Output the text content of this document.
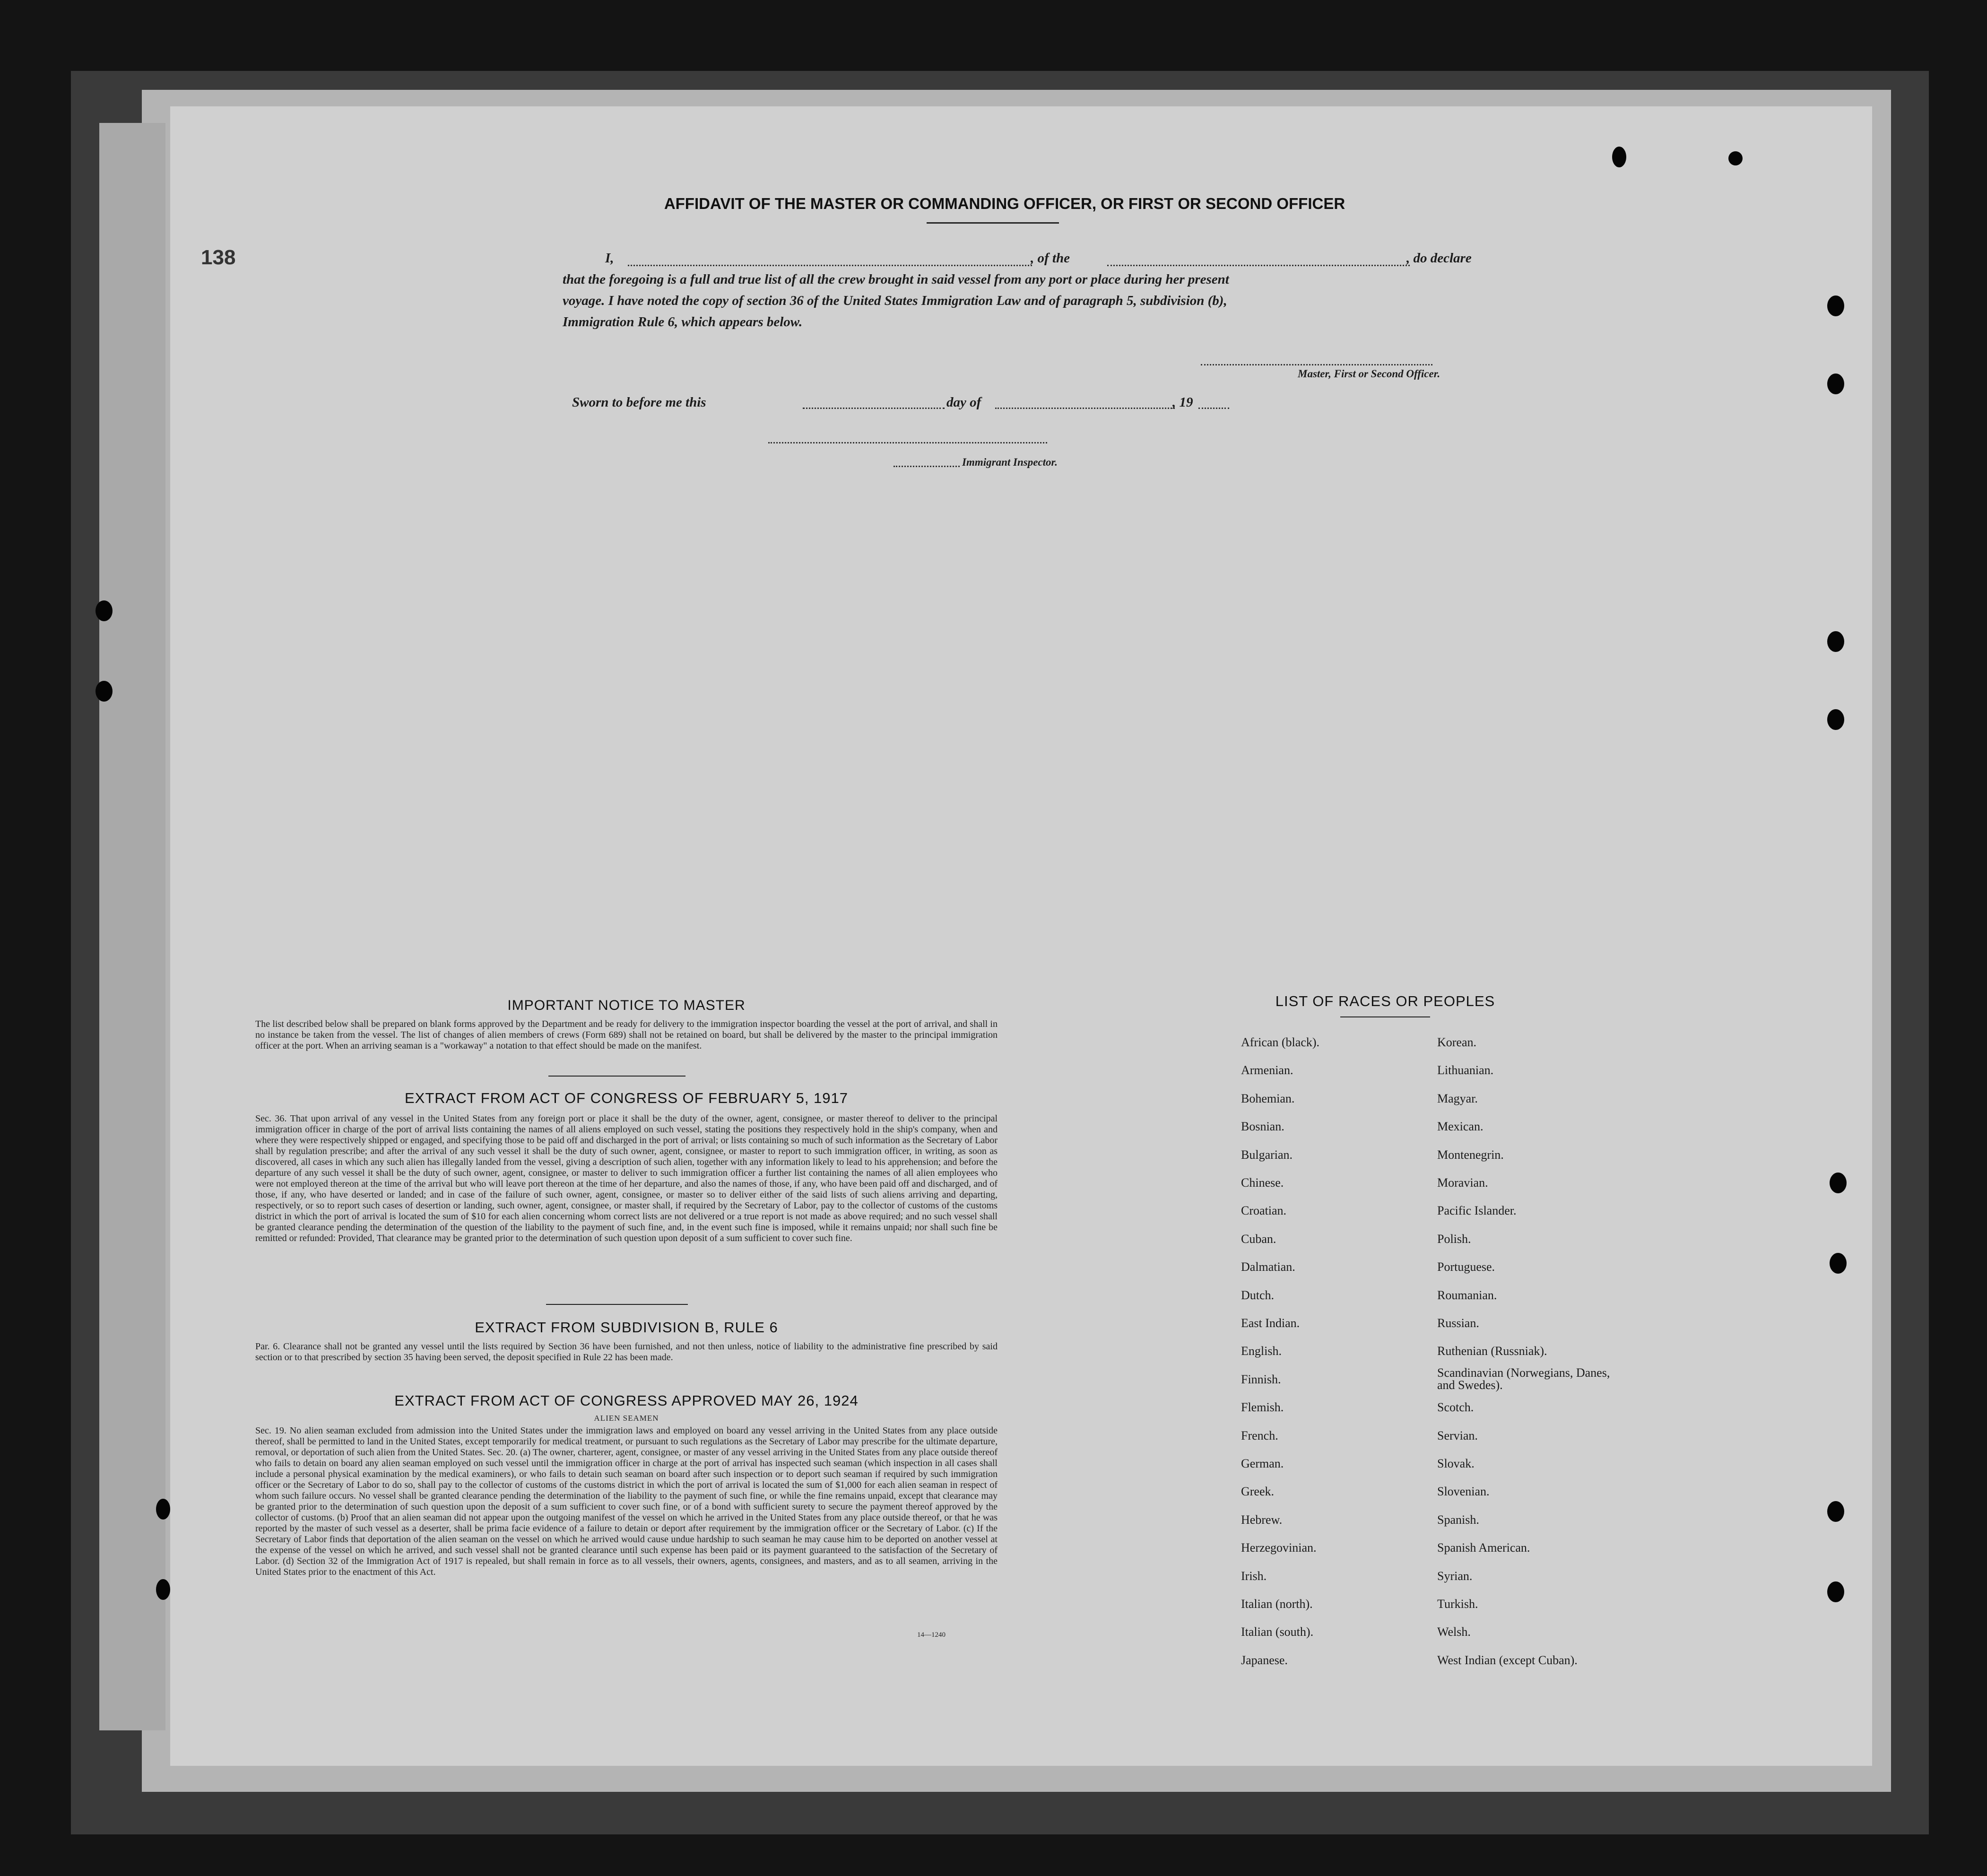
138
AFFIDAVIT OF THE MASTER OR COMMANDING OFFICER, OR FIRST OR SECOND OFFICER
I,	, of the	, do declare
that the foregoing is a full and true list of all the crew brought in said vessel from any port or place during her present
voyage. I have noted the copy of section 36 of the United States Immigration Law and of paragraph 5, subdivision (b),
Immigration Rule 6, which appears below.
Master, First or Second Officer.
Sworn to before me this	day of	, 19
Immigrant Inspector.
IMPORTANT NOTICE TO MASTER
The list described below shall be prepared on blank forms approved by the Department and be ready for delivery to the immigration inspector boarding the vessel at the port of arrival, and shall in no instance be taken from the vessel. The list of changes of alien members of crews (Form 689) shall not be retained on board, but shall be delivered by the master to the principal immigration officer at the port. When an arriving seaman is a "workaway" a notation to that effect should be made on the manifest.
EXTRACT FROM ACT OF CONGRESS OF FEBRUARY 5, 1917
Sec. 36. That upon arrival of any vessel in the United States from any foreign port or place it shall be the duty of the owner, agent, consignee, or master thereof to deliver to the principal immigration officer in charge of the port of arrival lists containing the names of all aliens employed on such vessel, stating the positions they respectively hold in the ship's company, when and where they were respectively shipped or engaged, and specifying those to be paid off and discharged in the port of arrival; or lists containing so much of such information as the Secretary of Labor shall by regulation prescribe; and after the arrival of any such vessel it shall be the duty of such owner, agent, consignee, or master to report to such immigration officer, in writing, as soon as discovered, all cases in which any such alien has illegally landed from the vessel, giving a description of such alien, together with any information likely to lead to his apprehension; and before the departure of any such vessel it shall be the duty of such owner, agent, consignee, or master to deliver to such immigration officer a further list containing the names of all alien employees who were not employed thereon at the time of the arrival but who will leave port thereon at the time of her departure, and also the names of those, if any, who have been paid off and discharged, and of those, if any, who have deserted or landed; and in case of the failure of such owner, agent, consignee, or master so to deliver either of the said lists of such aliens arriving and departing, respectively, or so to report such cases of desertion or landing, such owner, agent, consignee, or master shall, if required by the Secretary of Labor, pay to the collector of customs of the customs district in which the port of arrival is located the sum of $10 for each alien concerning whom correct lists are not delivered or a true report is not made as above required; and no such vessel shall be granted clearance pending the determination of the question of the liability to the payment of such fine, and, in the event such fine is imposed, while it remains unpaid; nor shall such fine be remitted or refunded: Provided, That clearance may be granted prior to the determination of such question upon deposit of a sum sufficient to cover such fine.
EXTRACT FROM SUBDIVISION B, RULE 6
Par. 6. Clearance shall not be granted any vessel until the lists required by Section 36 have been furnished, and not then unless, notice of liability to the administrative fine prescribed by said section or to that prescribed by section 35 having been served, the deposit specified in Rule 22 has been made.
EXTRACT FROM ACT OF CONGRESS APPROVED MAY 26, 1924
ALIEN SEAMEN
Sec. 19. No alien seaman excluded from admission into the United States under the immigration laws and employed on board any vessel arriving in the United States from any place outside thereof, shall be permitted to land in the United States, except temporarily for medical treatment, or pursuant to such regulations as the Secretary of Labor may prescribe for the ultimate departure, removal, or deportation of such alien from the United States. Sec. 20. (a) The owner, charterer, agent, consignee, or master of any vessel arriving in the United States from any place outside thereof who fails to detain on board any alien seaman employed on such vessel until the immigration officer in charge at the port of arrival has inspected such seaman (which inspection in all cases shall include a personal physical examination by the medical examiners), or who fails to detain such seaman on board after such inspection or to deport such seaman if required by such immigration officer or the Secretary of Labor to do so, shall pay to the collector of customs of the customs district in which the port of arrival is located the sum of $1,000 for each alien seaman in respect of whom such failure occurs. No vessel shall be granted clearance pending the determination of the liability to the payment of such fine, or while the fine remains unpaid, except that clearance may be granted prior to the determination of such question upon the deposit of a sum sufficient to cover such fine, or of a bond with sufficient surety to secure the payment thereof approved by the collector of customs. (b) Proof that an alien seaman did not appear upon the outgoing manifest of the vessel on which he arrived in the United States from any place outside thereof, or that he was reported by the master of such vessel as a deserter, shall be prima facie evidence of a failure to detain or deport after requirement by the immigration officer or the Secretary of Labor. (c) If the Secretary of Labor finds that deportation of the alien seaman on the vessel on which he arrived would cause undue hardship to such seaman he may cause him to be deported on another vessel at the expense of the vessel on which he arrived, and such vessel shall not be granted clearance until such expense has been paid or its payment guaranteed to the satisfaction of the Secretary of Labor. (d) Section 32 of the Immigration Act of 1917 is repealed, but shall remain in force as to all vessels, their owners, agents, consignees, and masters, and as to all seamen, arriving in the United States prior to the enactment of this Act.
14—1240
LIST OF RACES OR PEOPLES
African (black).
Armenian.
Bohemian.
Bosnian.
Bulgarian.
Chinese.
Croatian.
Cuban.
Dalmatian.
Dutch.
East Indian.
English.
Finnish.
Flemish.
French.
German.
Greek.
Hebrew.
Herzegovinian.
Irish.
Italian (north).
Italian (south).
Japanese.
Korean.
Lithuanian.
Magyar.
Mexican.
Montenegrin.
Moravian.
Pacific Islander.
Polish.
Portuguese.
Roumanian.
Russian.
Ruthenian (Russniak).
Scandinavian (Norwegians, Danes, and Swedes).
Scotch.
Servian.
Slovak.
Slovenian.
Spanish.
Spanish American.
Syrian.
Turkish.
Welsh.
West Indian (except Cuban).
